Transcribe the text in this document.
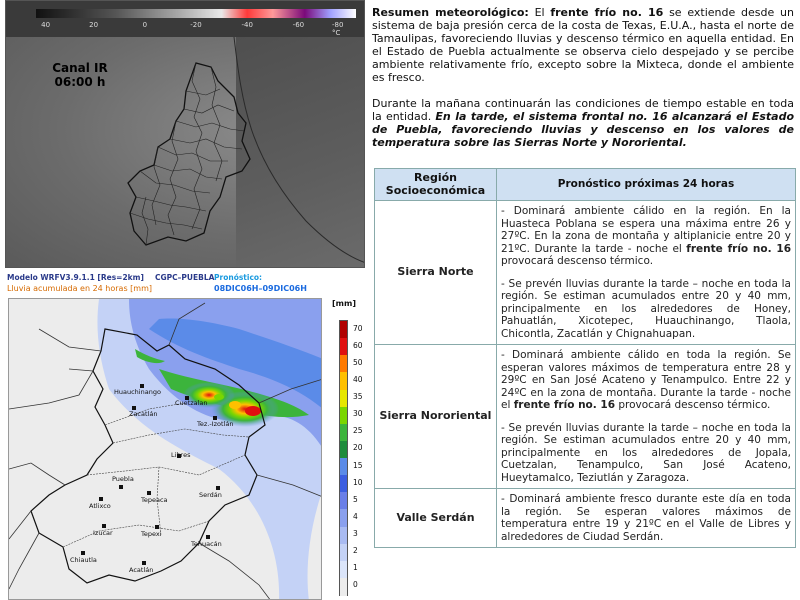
40	20	0	-20	-40	-60	-80 °C
Canal IR
06:00 h
Modelo WRFV3.9.1.1 [Res=2km] CGPC–PUEBLA Pronóstico:
Lluvia acumulada en 24 horas [mm]	08DIC06H–09DIC06H
Huauchinango
Zacatlán
Cuetzalan
Tez.-Izotlán
Libres
Puebla
Atlixco
Tepeaca
Serdán
Izucar	Tepexi
Tehuacán
Chiautla
Acatlán
[mm]
70
60
50
40
35
30
25
20
15
10
5
4
3
2
1
0

Resumen meteorológico: El frente frío no. 16 se extiende desde un sistema de baja presión cerca de la costa de Texas, E.U.A., hasta el norte de Tamaulipas, favoreciendo lluvias y descenso térmico en aquella entidad. En el Estado de Puebla actualmente se observa cielo despejado y se percibe ambiente relativamente frío, excepto sobre la Mixteca, donde el ambiente es fresco.

Durante la mañana continuarán las condiciones de tiempo estable en toda la entidad. En la tarde, el sistema frontal no. 16 alcanzará el Estado de Puebla, favoreciendo lluvias y descenso en los valores de temperatura sobre las Sierras Norte y Nororiental.

Región Socioeconómica	Pronóstico próximas 24 horas
Sierra Norte	- Dominará ambiente cálido en la región. En la Huasteca Poblana se espera una máxima entre 26 y 27ºC. En la zona de montaña y altiplanicie entre 20 y 21ºC. Durante la tarde - noche el frente frío no. 16 provocará descenso térmico.

- Se prevén lluvias durante la tarde – noche en toda la región. Se estiman acumulados entre 20 y 40 mm, principalmente en los alrededores de Honey, Pahuatlán, Xicotepec, Huauchinango, Tlaola, Chicontla, Zacatlán y Chignahuapan.

Sierra Nororiental	- Dominará ambiente cálido en toda la región. Se esperan valores máximos de temperatura entre 28 y 29ºC en San José Acateno y Tenampulco. Entre 22 y 24ºC en la zona de montaña. Durante la tarde - noche el frente frío no. 16 provocará descenso térmico.

- Se prevén lluvias durante la tarde – noche en toda la región. Se estiman acumulados entre 20 y 40 mm, principalmente en los alrededores de Jopala, Cuetzalan, Tenampulco, San José Acateno, Hueytamalco, Teziutlán y Zaragoza.

Valle Serdán	- Dominará ambiente fresco durante este día en toda la región. Se esperan valores máximos de temperatura entre 19 y 21ºC en el Valle de Libres y alrededores de Ciudad Serdán.
